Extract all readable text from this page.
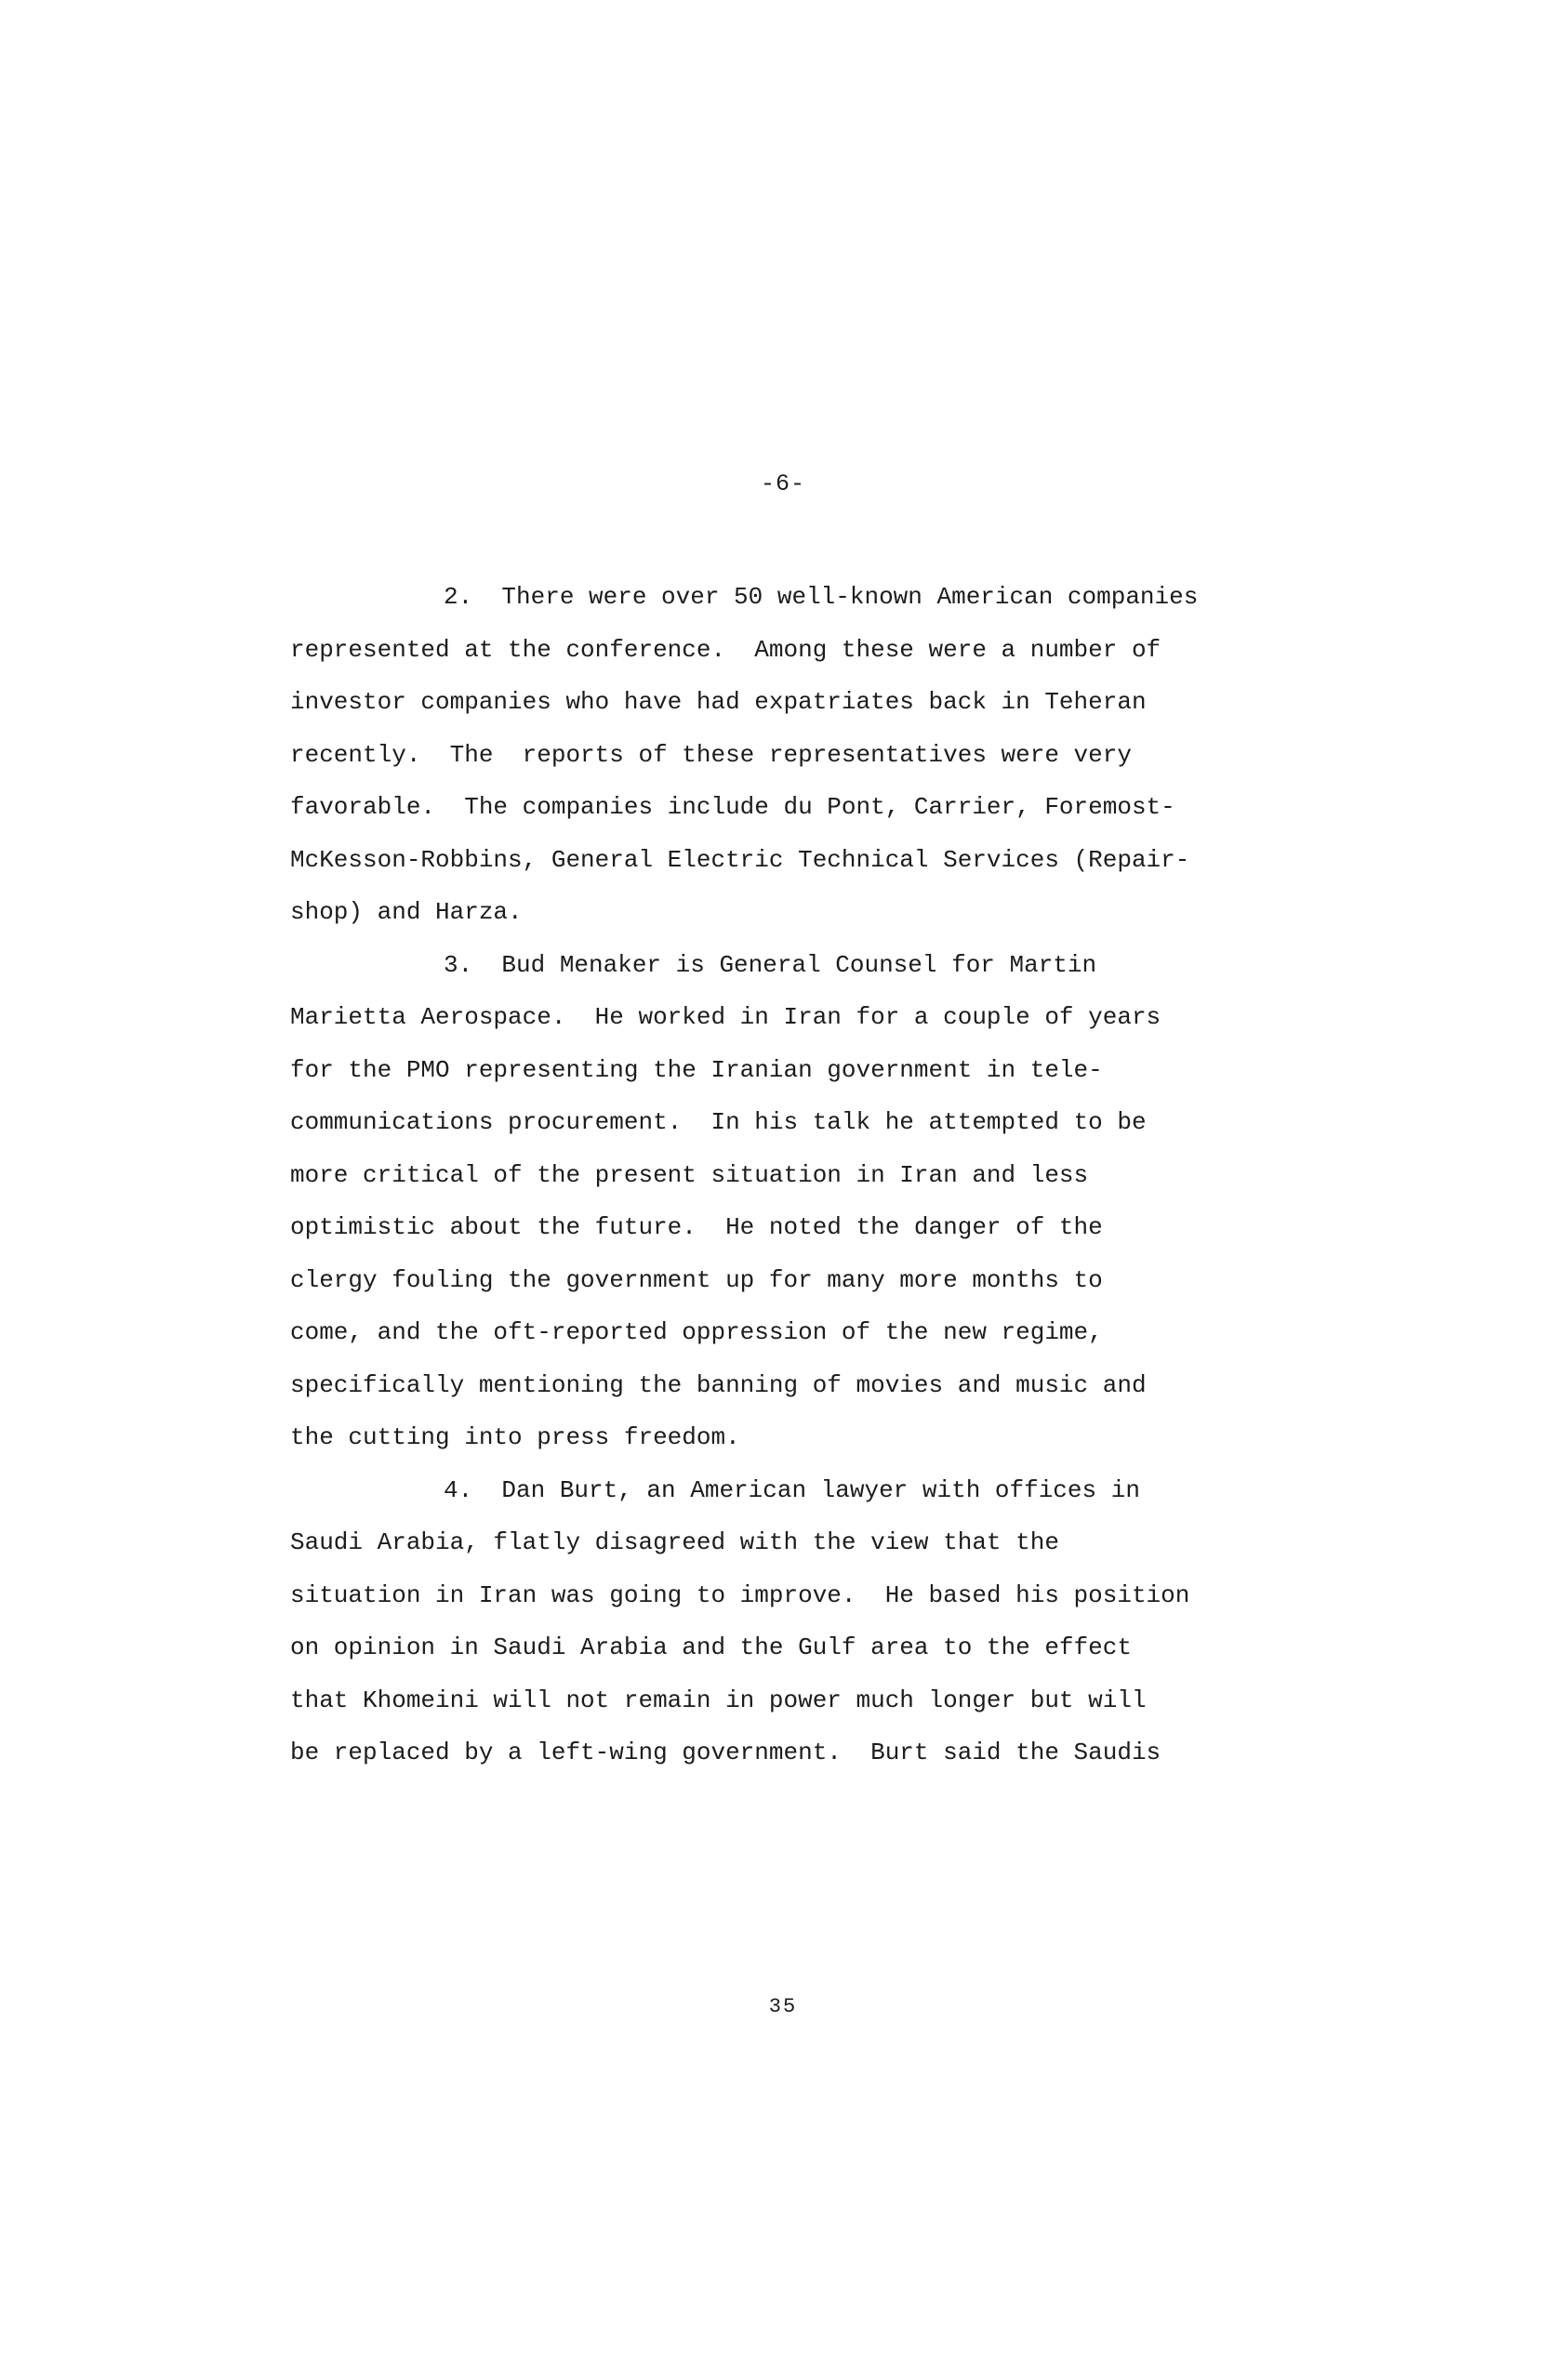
-6-
2.  There were over 50 well-known American companies
represented at the conference.  Among these were a number of
investor companies who have had expatriates back in Teheran
recently.  The  reports of these representatives were very
favorable.  The companies include du Pont, Carrier, Foremost-
McKesson-Robbins, General Electric Technical Services (Repair-
shop) and Harza.
3.  Bud Menaker is General Counsel for Martin
Marietta Aerospace.  He worked in Iran for a couple of years
for the PMO representing the Iranian government in tele-
communications procurement.  In his talk he attempted to be
more critical of the present situation in Iran and less
optimistic about the future.  He noted the danger of the
clergy fouling the government up for many more months to
come, and the oft-reported oppression of the new regime,
specifically mentioning the banning of movies and music and
the cutting into press freedom.
4.  Dan Burt, an American lawyer with offices in
Saudi Arabia, flatly disagreed with the view that the
situation in Iran was going to improve.  He based his position
on opinion in Saudi Arabia and the Gulf area to the effect
that Khomeini will not remain in power much longer but will
be replaced by a left-wing government.  Burt said the Saudis
35
